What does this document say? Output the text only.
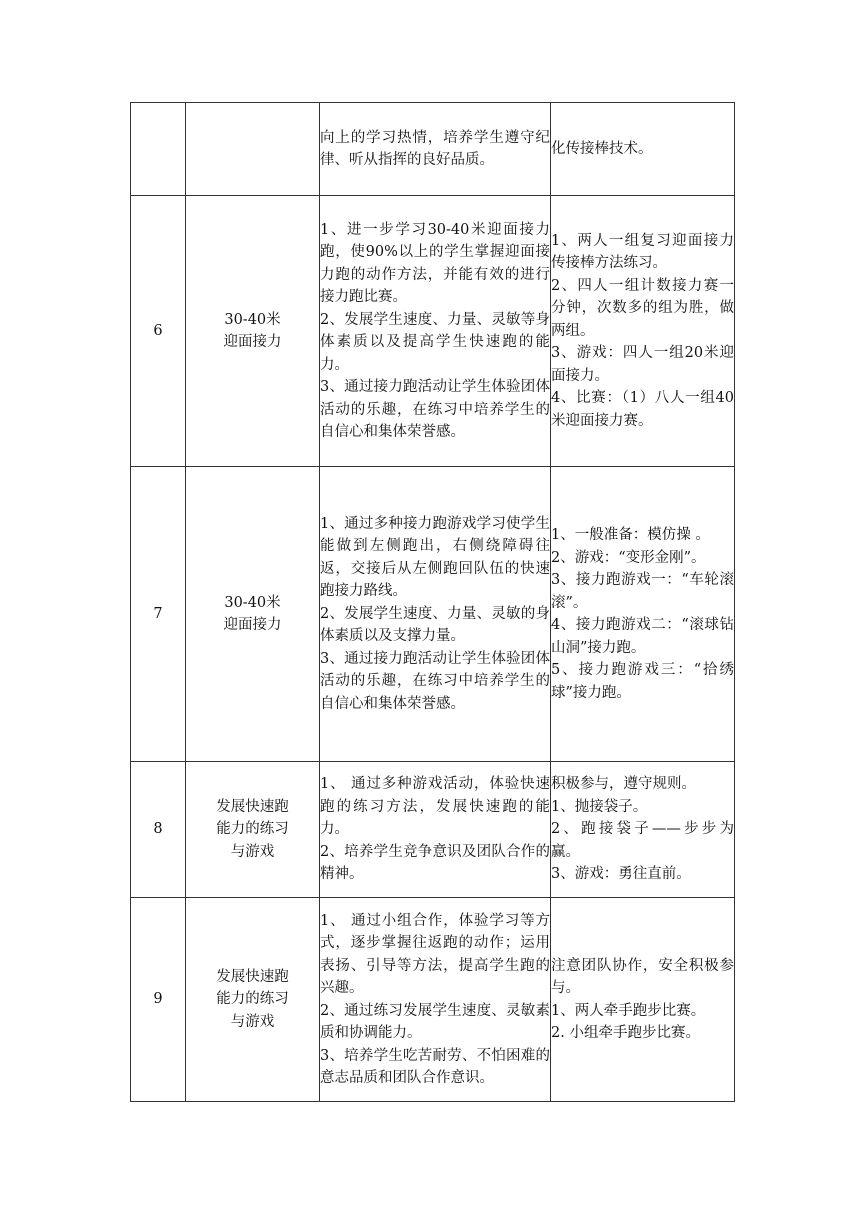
		向上的学习热情，培养学生遵守纪律、听从指挥的良好品质。	化传接棒技术。

6	30-40米
迎面接力	1、进一步学习30-40米迎面接力跑，使90%以上的学生掌握迎面接力跑的动作方法，并能有效的进行接力跑比赛。
2、发展学生速度、力量、灵敏等身体素质以及提高学生快速跑的能力。
3、通过接力跑活动让学生体验团体活动的乐趣，在练习中培养学生的自信心和集体荣誉感。	1、两人一组复习迎面接力传接棒方法练习。
2、四人一组计数接力赛一分钟，次数多的组为胜，做两组。
3、游戏：四人一组20米迎面接力。
4、比赛：（1）八人一组40米迎面接力赛。

7	30-40米
迎面接力	1、通过多种接力跑游戏学习使学生能做到左侧跑出，右侧绕障碍往返，交接后从左侧跑回队伍的快速跑接力路线。
2、发展学生速度、力量、灵敏的身体素质以及支撑力量。
3、通过接力跑活动让学生体验团体活动的乐趣，在练习中培养学生的自信心和集体荣誉感。	1、一般准备：模仿操 。
2、游戏：“变形金刚”。
3、接力跑游戏一：“车轮滚滚”。
4、接力跑游戏二：“滚球钻山洞”接力跑。
5、接力跑游戏三：“拾绣球”接力跑。

8	发展快速跑
能力的练习
与游戏	1、 通过多种游戏活动，体验快速跑的练习方法，发展快速跑的能力。
2、培养学生竞争意识及团队合作的精神。	积极参与，遵守规则。
1、抛接袋子。
2、跑接袋子——步步为赢。
3、游戏：勇往直前。

9	发展快速跑
能力的练习
与游戏	1、 通过小组合作，体验学习等方式，逐步掌握往返跑的动作；运用表扬、引导等方法，提高学生跑的兴趣。
2、通过练习发展学生速度、灵敏素质和协调能力。
3、培养学生吃苦耐劳、不怕困难的意志品质和团队合作意识。	注意团队协作，安全积极参与。
1、两人牵手跑步比赛。
2. 小组牵手跑步比赛。
